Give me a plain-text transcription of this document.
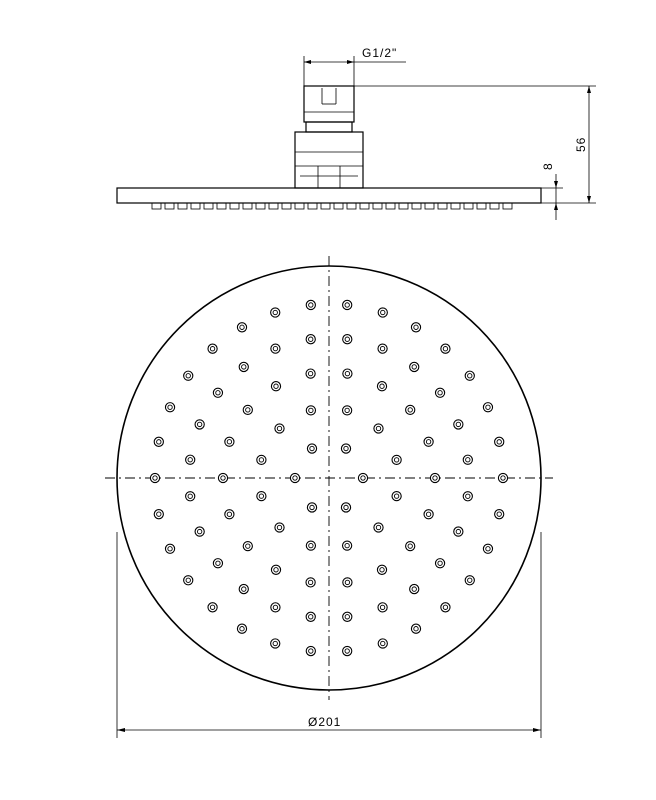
G1/2"
56
8
Ø201
